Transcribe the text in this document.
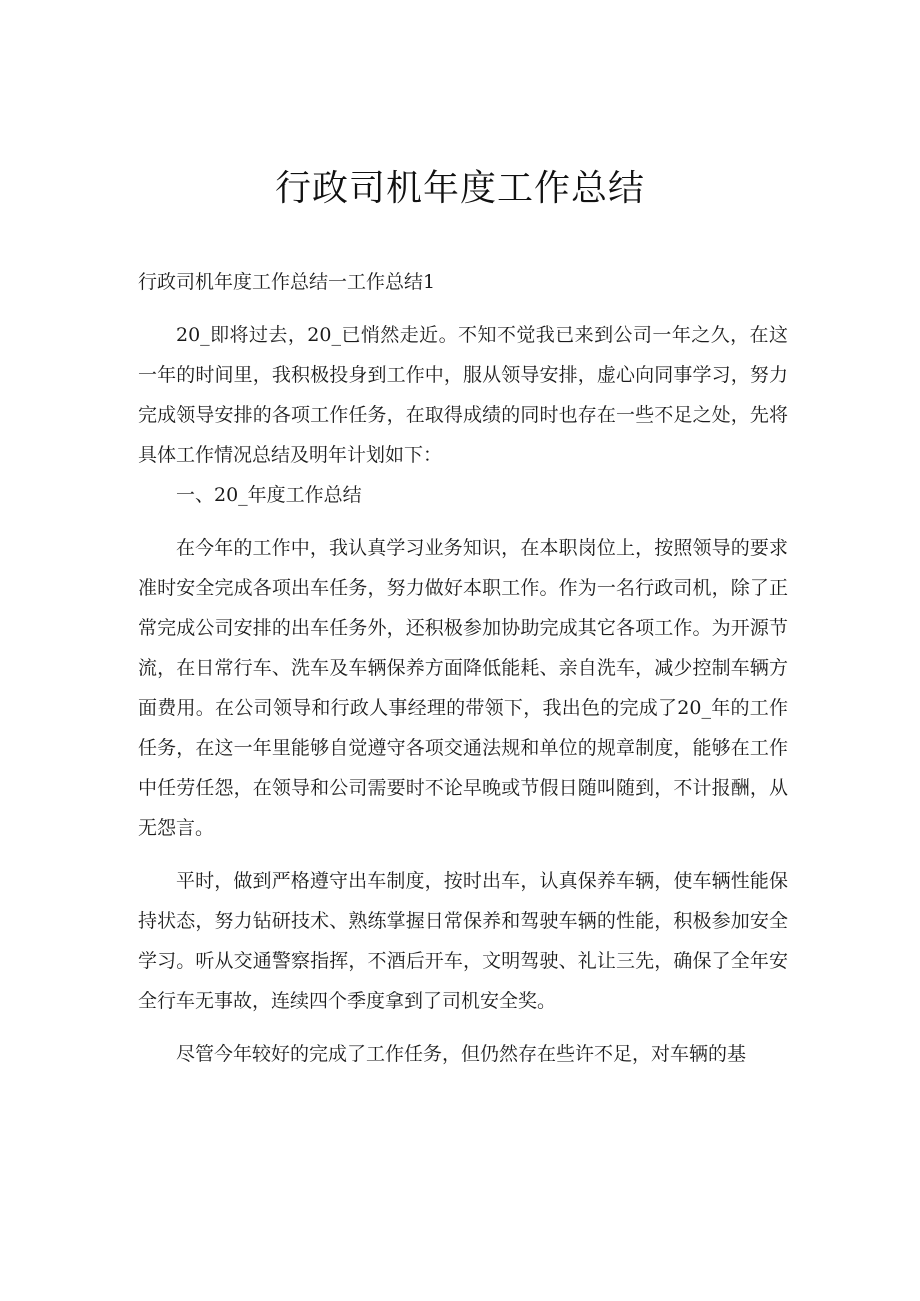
行政司机年度工作总结

行政司机年度工作总结一工作总结1

20_即将过去，20_已悄然走近。不知不觉我已来到公司一年之久，在这一年的时间里，我积极投身到工作中，服从领导安排，虚心向同事学习，努力完成领导安排的各项工作任务，在取得成绩的同时也存在一些不足之处，先将具体工作情况总结及明年计划如下：

一、20_年度工作总结

在今年的工作中，我认真学习业务知识，在本职岗位上，按照领导的要求准时安全完成各项出车任务，努力做好本职工作。作为一名行政司机，除了正常完成公司安排的出车任务外，还积极参加协助完成其它各项工作。为开源节流，在日常行车、洗车及车辆保养方面降低能耗、亲自洗车，减少控制车辆方面费用。在公司领导和行政人事经理的带领下，我出色的完成了20_年的工作任务，在这一年里能够自觉遵守各项交通法规和单位的规章制度，能够在工作中任劳任怨，在领导和公司需要时不论早晚或节假日随叫随到，不计报酬，从无怨言。

平时，做到严格遵守出车制度，按时出车，认真保养车辆，使车辆性能保持状态，努力钻研技术、熟练掌握日常保养和驾驶车辆的性能，积极参加安全学习。听从交通警察指挥，不酒后开车，文明驾驶、礼让三先，确保了全年安全行车无事故，连续四个季度拿到了司机安全奖。

尽管今年较好的完成了工作任务，但仍然存在些许不足，对车辆的基
